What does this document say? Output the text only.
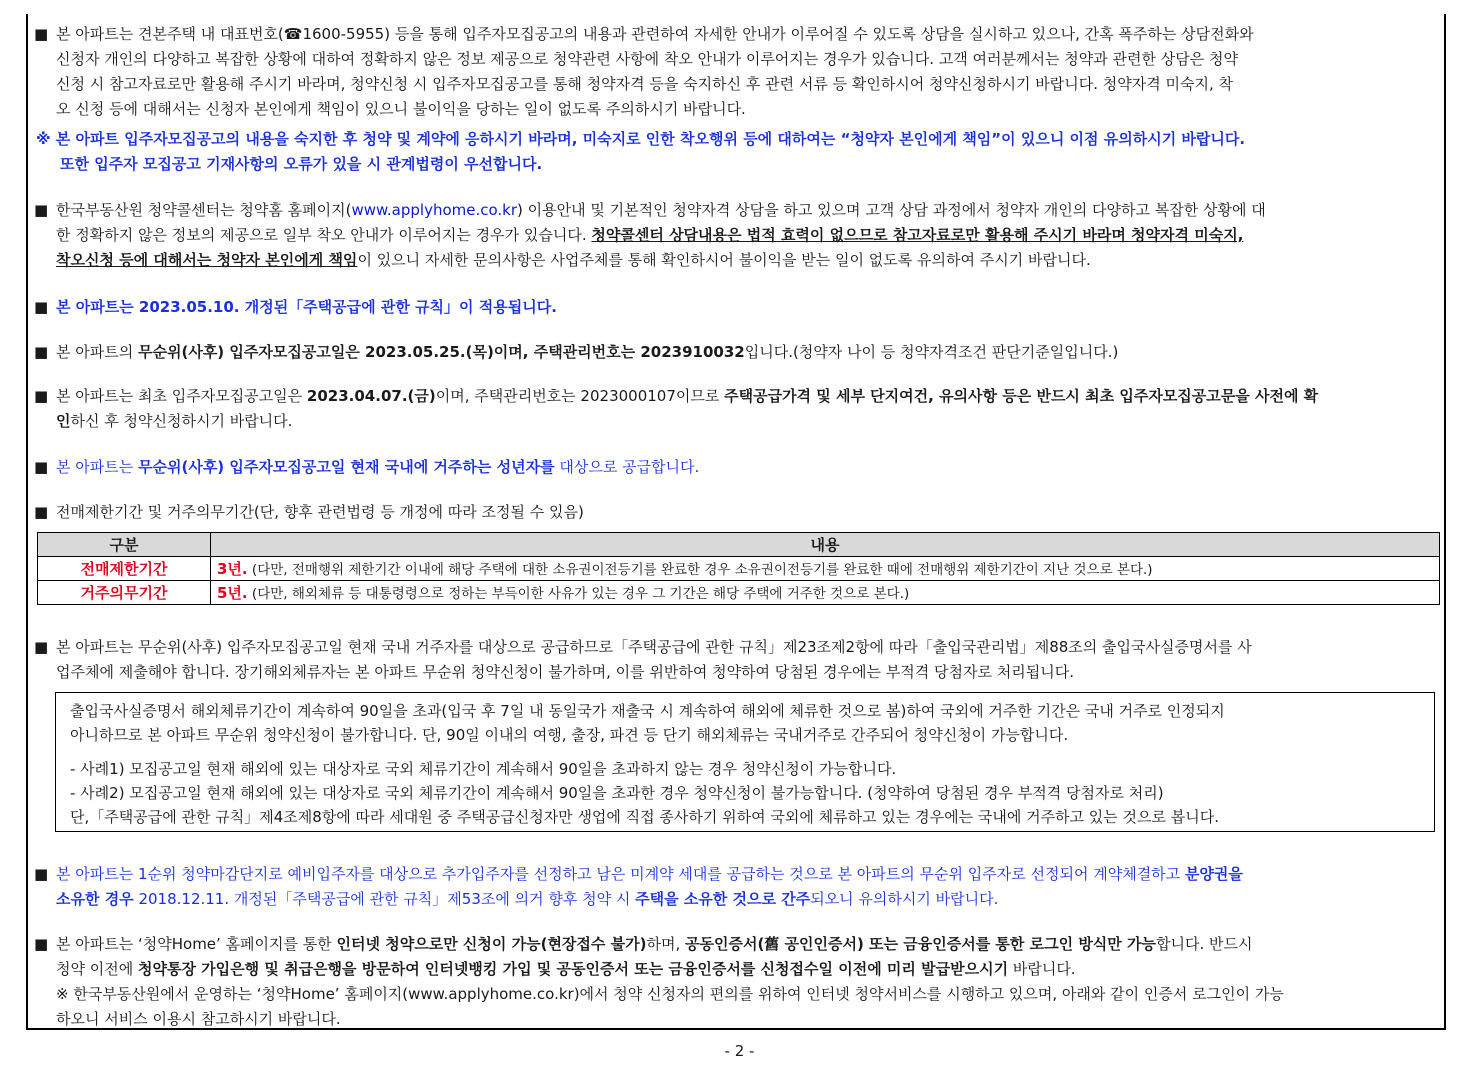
■ 본 아파트는 견본주택 내 대표번호(☎1600-5955) 등을 통해 입주자모집공고의 내용과 관련하여 자세한 안내가 이루어질 수 있도록 상담을 실시하고 있으나, 간혹 폭주하는 상담전화와
신청자 개인의 다양하고 복잡한 상황에 대하여 정확하지 않은 정보 제공으로 청약관련 사항에 착오 안내가 이루어지는 경우가 있습니다. 고객 여러분께서는 청약과 관련한 상담은 청약
신청 시 참고자료로만 활용해 주시기 바라며, 청약신청 시 입주자모집공고를 통해 청약자격 등을 숙지하신 후 관련 서류 등 확인하시어 청약신청하시기 바랍니다. 청약자격 미숙지, 착
오 신청 등에 대해서는 신청자 본인에게 책임이 있으니 불이익을 당하는 일이 없도록 주의하시기 바랍니다.
※ 본 아파트 입주자모집공고의 내용을 숙지한 후 청약 및 계약에 응하시기 바라며, 미숙지로 인한 착오행위 등에 대하여는 “청약자 본인에게 책임”이 있으니 이점 유의하시기 바랍니다.
또한 입주자 모집공고 기재사항의 오류가 있을 시 관계법령이 우선합니다.
■ 한국부동산원 청약콜센터는 청약홈 홈페이지(www.applyhome.co.kr) 이용안내 및 기본적인 청약자격 상담을 하고 있으며 고객 상담 과정에서 청약자 개인의 다양하고 복잡한 상황에 대
한 정확하지 않은 정보의 제공으로 일부 착오 안내가 이루어지는 경우가 있습니다. 청약콜센터 상담내용은 법적 효력이 없으므로 참고자료로만 활용해 주시기 바라며 청약자격 미숙지,
착오신청 등에 대해서는 청약자 본인에게 책임이 있으니 자세한 문의사항은 사업주체를 통해 확인하시어 불이익을 받는 일이 없도록 유의하여 주시기 바랍니다.
■ 본 아파트는 2023.05.10. 개정된「주택공급에 관한 규칙」이 적용됩니다.
■ 본 아파트의 무순위(사후) 입주자모집공고일은 2023.05.25.(목)이며, 주택관리번호는 2023910032입니다.(청약자 나이 등 청약자격조건 판단기준일입니다.)
■ 본 아파트는 최초 입주자모집공고일은 2023.04.07.(금)이며, 주택관리번호는 2023000107이므로 주택공급가격 및 세부 단지여건, 유의사항 등은 반드시 최초 입주자모집공고문을 사전에 확
인하신 후 청약신청하시기 바랍니다.
■ 본 아파트는 무순위(사후) 입주자모집공고일 현재 국내에 거주하는 성년자를 대상으로 공급합니다.
■ 전매제한기간 및 거주의무기간(단, 향후 관련법령 등 개정에 따라 조정될 수 있음)
구분	내용
전매제한기간	3년. (다만, 전매행위 제한기간 이내에 해당 주택에 대한 소유권이전등기를 완료한 경우 소유권이전등기를 완료한 때에 전매행위 제한기간이 지난 것으로 본다.)
거주의무기간	5년. (다만, 해외체류 등 대통령령으로 정하는 부득이한 사유가 있는 경우 그 기간은 해당 주택에 거주한 것으로 본다.)
■ 본 아파트는 무순위(사후) 입주자모집공고일 현재 국내 거주자를 대상으로 공급하므로「주택공급에 관한 규칙」제23조제2항에 따라「출입국관리법」제88조의 출입국사실증명서를 사
업주체에 제출해야 합니다. 장기해외체류자는 본 아파트 무순위 청약신청이 불가하며, 이를 위반하여 청약하여 당첨된 경우에는 부적격 당첨자로 처리됩니다.
출입국사실증명서 해외체류기간이 계속하여 90일을 초과(입국 후 7일 내 동일국가 재출국 시 계속하여 해외에 체류한 것으로 봄)하여 국외에 거주한 기간은 국내 거주로 인정되지
아니하므로 본 아파트 무순위 청약신청이 불가합니다. 단, 90일 이내의 여행, 출장, 파견 등 단기 해외체류는 국내거주로 간주되어 청약신청이 가능합니다.
- 사례1) 모집공고일 현재 해외에 있는 대상자로 국외 체류기간이 계속해서 90일을 초과하지 않는 경우 청약신청이 가능합니다.
- 사례2) 모집공고일 현재 해외에 있는 대상자로 국외 체류기간이 계속해서 90일을 초과한 경우 청약신청이 불가능합니다. (청약하여 당첨된 경우 부적격 당첨자로 처리)
단,「주택공급에 관한 규칙」제4조제8항에 따라 세대원 중 주택공급신청자만 생업에 직접 종사하기 위하여 국외에 체류하고 있는 경우에는 국내에 거주하고 있는 것으로 봅니다.
■ 본 아파트는 1순위 청약마감단지로 예비입주자를 대상으로 추가입주자를 선정하고 남은 미계약 세대를 공급하는 것으로 본 아파트의 무순위 입주자로 선정되어 계약체결하고 분양권을
소유한 경우 2018.12.11. 개정된「주택공급에 관한 규칙」제53조에 의거 향후 청약 시 주택을 소유한 것으로 간주되오니 유의하시기 바랍니다.
■ 본 아파트는 ‘청약Home’ 홈페이지를 통한 인터넷 청약으로만 신청이 가능(현장접수 불가)하며, 공동인증서(舊 공인인증서) 또는 금융인증서를 통한 로그인 방식만 가능합니다. 반드시
청약 이전에 청약통장 가입은행 및 취급은행을 방문하여 인터넷뱅킹 가입 및 공동인증서 또는 금융인증서를 신청접수일 이전에 미리 발급받으시기 바랍니다.
※ 한국부동산원에서 운영하는 ‘청약Home’ 홈페이지(www.applyhome.co.kr)에서 청약 신청자의 편의를 위하여 인터넷 청약서비스를 시행하고 있으며, 아래와 같이 인증서 로그인이 가능
하오니 서비스 이용시 참고하시기 바랍니다.
- 2 -
